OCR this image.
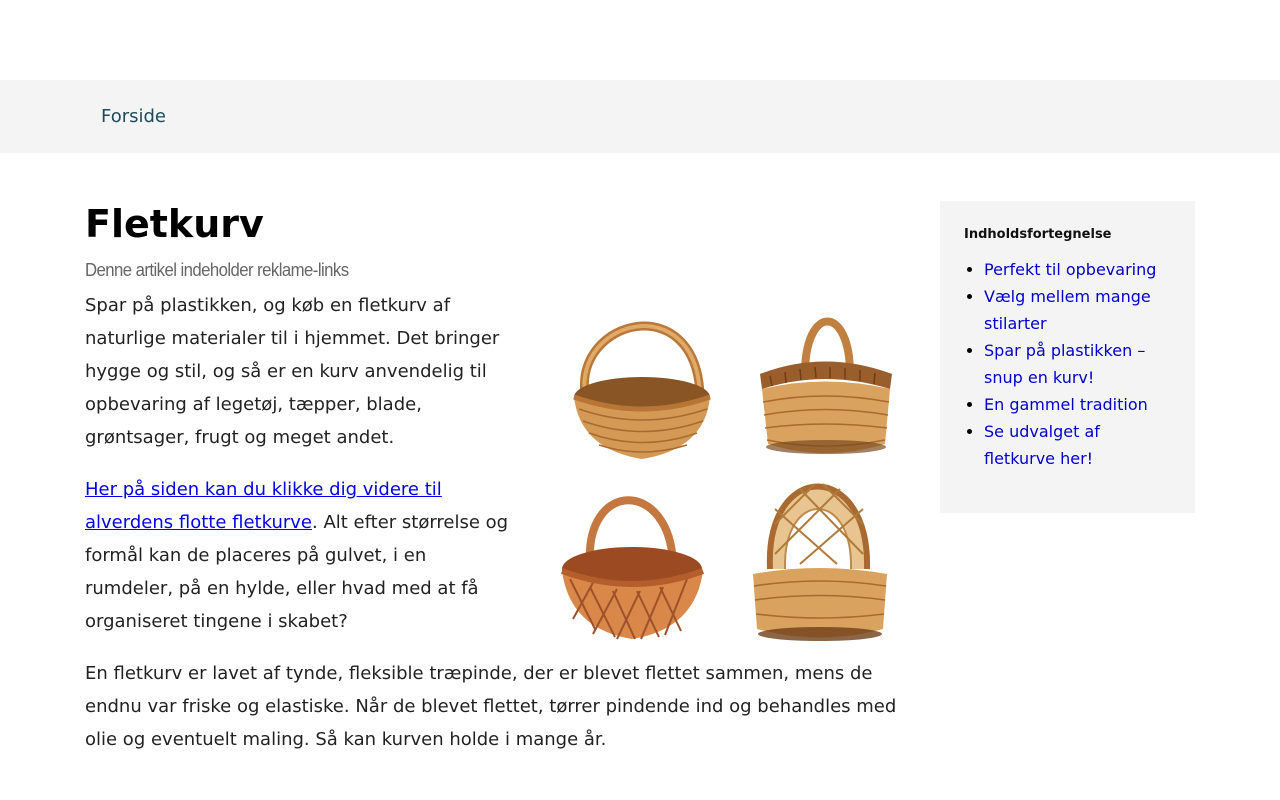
Forside
Fletkurv
Denne artikel indeholder reklame-links

Spar på plastikken, og køb en fletkurv af naturlige materialer til i hjemmet. Det bringer hygge og stil, og så er en kurv anvendelig til opbevaring af legetøj, tæpper, blade, grøntsager, frugt og meget andet.

Her på siden kan du klikke dig videre til alverdens flotte fletkurve. Alt efter størrelse og formål kan de placeres på gulvet, i en rumdeler, på en hylde, eller hvad med at få organiseret tingene i skabet?

En fletkurv er lavet af tynde, fleksible træpinde, der er blevet flettet sammen, mens de endnu var friske og elastiske. Når de blevet flettet, tørrer pindende ind og behandles med olie og eventuelt maling. Så kan kurven holde i mange år.

Indholdsfortegnelse
• Perfekt til opbevaring
• Vælg mellem mange stilarter
• Spar på plastikken – snup en kurv!
• En gammel tradition
• Se udvalget af fletkurve her!
